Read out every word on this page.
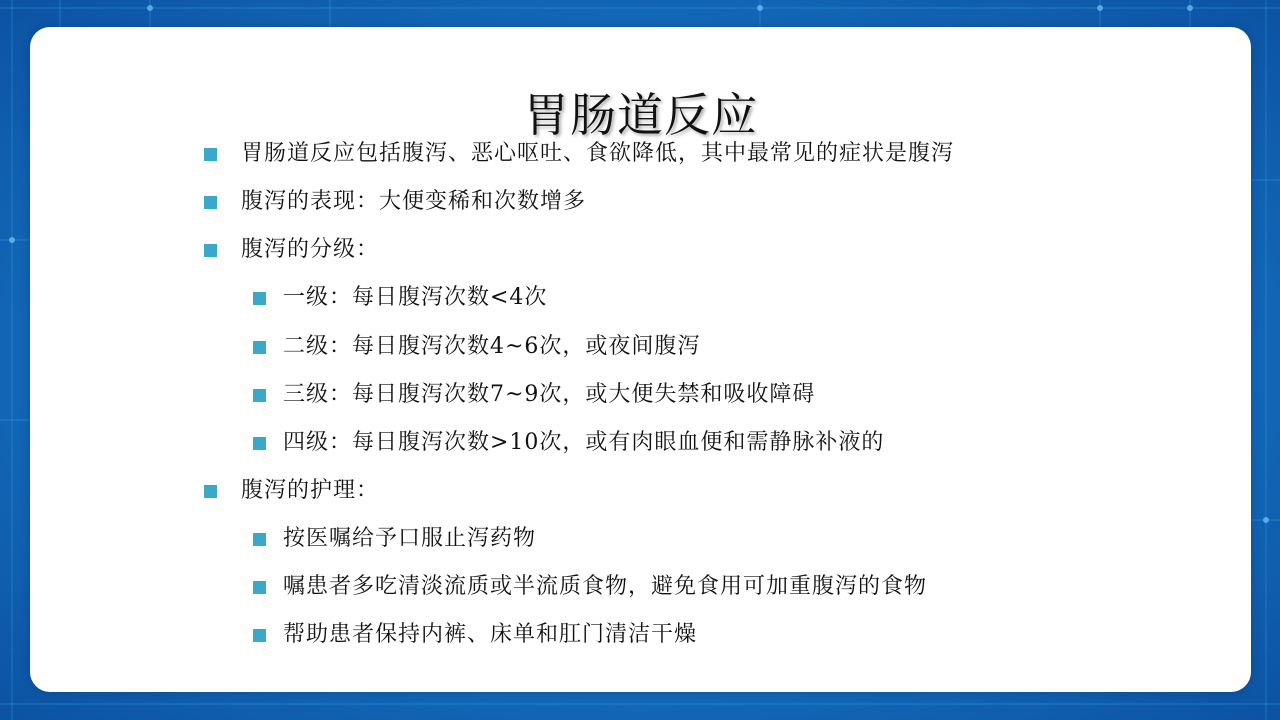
胃肠道反应
胃肠道反应包括腹泻、恶心呕吐、食欲降低，其中最常见的症状是腹泻
腹泻的表现：大便变稀和次数增多
腹泻的分级：
一级：每日腹泻次数<4次
二级：每日腹泻次数4~6次，或夜间腹泻
三级：每日腹泻次数7~9次，或大便失禁和吸收障碍
四级：每日腹泻次数>10次，或有肉眼血便和需静脉补液的
腹泻的护理：
按医嘱给予口服止泻药物
嘱患者多吃清淡流质或半流质食物，避免食用可加重腹泻的食物
帮助患者保持内裤、床单和肛门清洁干燥
